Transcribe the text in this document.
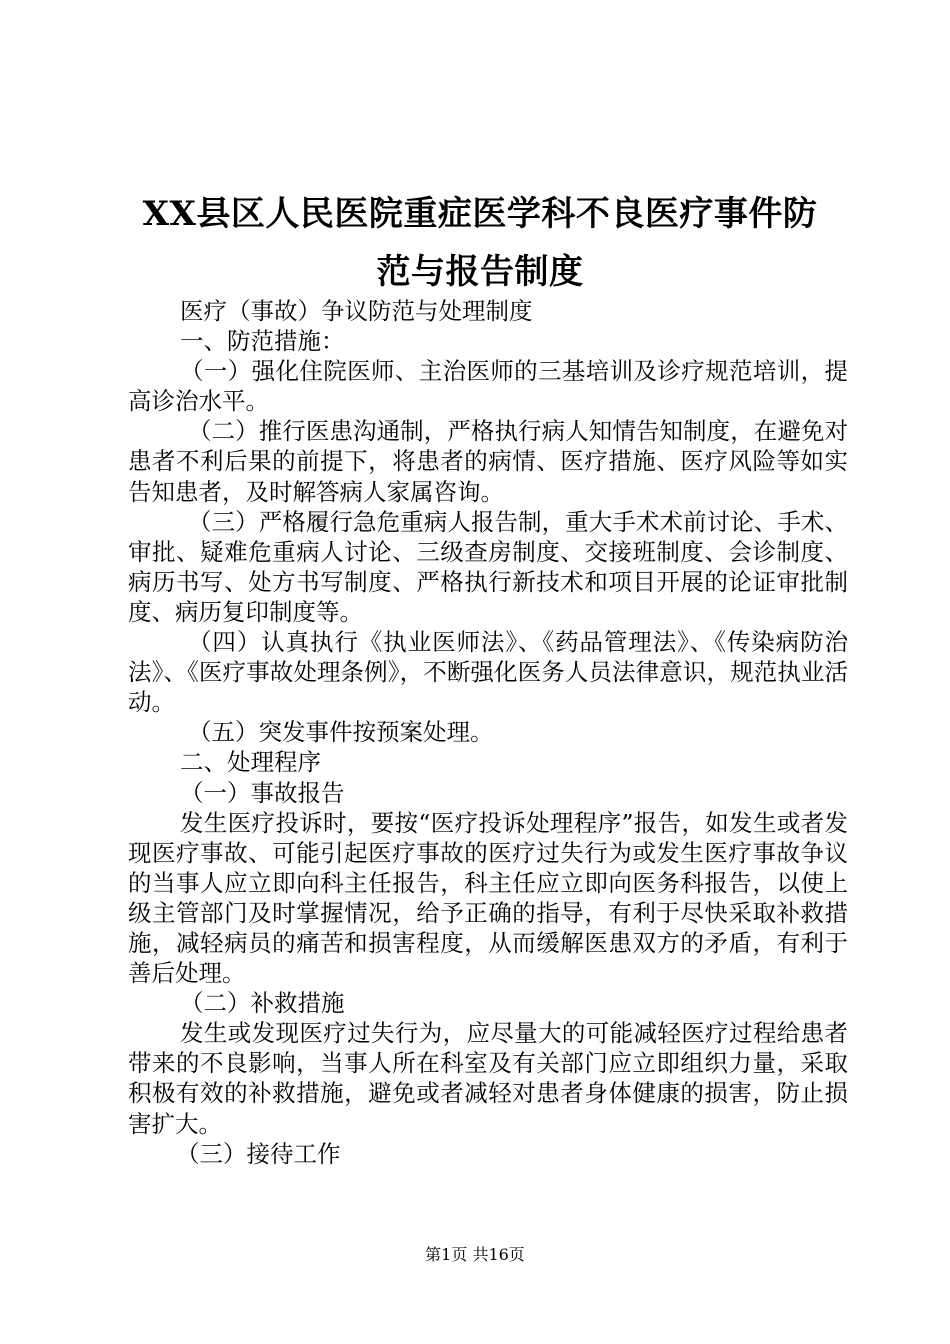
XX县区人民医院重症医学科不良医疗事件防
范与报告制度

医疗（事故）争议防范与处理制度

一、防范措施：

（一）强化住院医师、主治医师的三基培训及诊疗规范培训，提高诊治水平。

（二）推行医患沟通制，严格执行病人知情告知制度，在避免对患者不利后果的前提下，将患者的病情、医疗措施、医疗风险等如实告知患者，及时解答病人家属咨询。

（三）严格履行急危重病人报告制，重大手术术前讨论、手术、审批、疑难危重病人讨论、三级查房制度、交接班制度、会诊制度、病历书写、处方书写制度、严格执行新技术和项目开展的论证审批制度、病历复印制度等。

（四）认真执行《执业医师法》、《药品管理法》、《传染病防治法》、《医疗事故处理条例》，不断强化医务人员法律意识，规范执业活动。

（五）突发事件按预案处理。

二、处理程序

（一）事故报告

发生医疗投诉时，要按“医疗投诉处理程序”报告，如发生或者发现医疗事故、可能引起医疗事故的医疗过失行为或发生医疗事故争议的当事人应立即向科主任报告，科主任应立即向医务科报告，以使上级主管部门及时掌握情况，给予正确的指导，有利于尽快采取补救措施，减轻病员的痛苦和损害程度，从而缓解医患双方的矛盾，有利于善后处理。

（二）补救措施

发生或发现医疗过失行为，应尽量大的可能减轻医疗过程给患者带来的不良影响，当事人所在科室及有关部门应立即组织力量，采取积极有效的补救措施，避免或者减轻对患者身体健康的损害，防止损害扩大。

（三）接待工作

第1页 共16页
